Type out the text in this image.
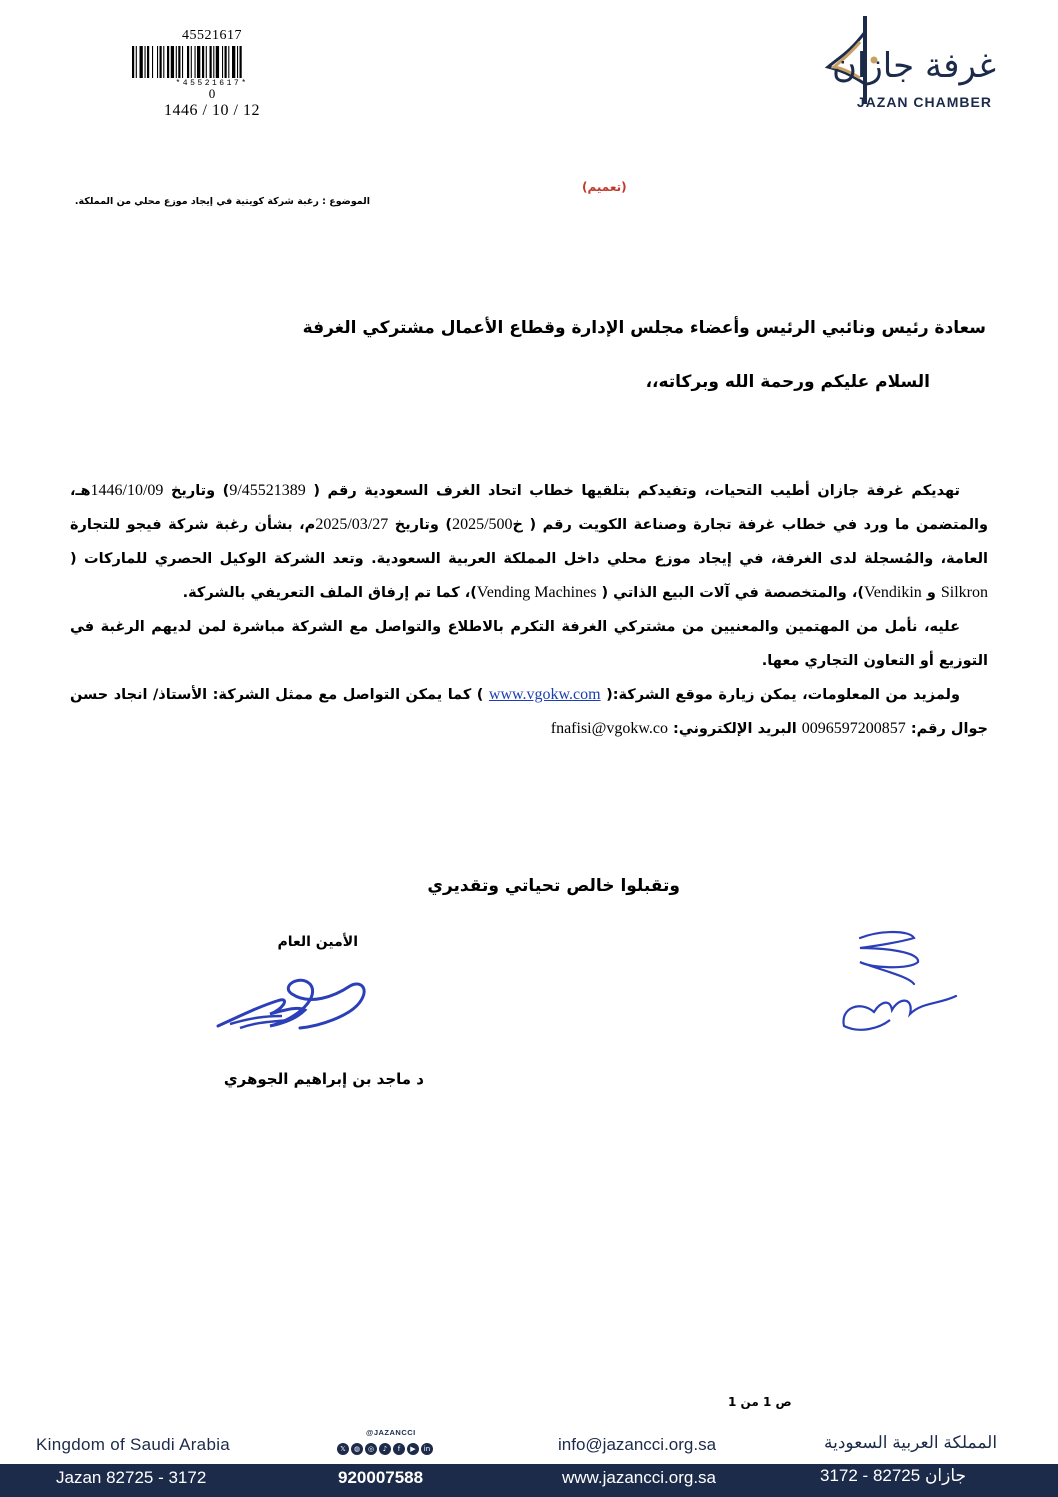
45521617
*45521617*
0
1446 / 10 / 12
غرفة جازان
JAZAN CHAMBER
(تعميم)
الموضوع : رغبة شركة كويتية في إيجاد موزع محلي من المملكة.
سعادة رئيس ونائبي الرئيس وأعضاء مجلس الإدارة وقطاع الأعمال مشتركي الغرفة
السلام عليكم ورحمة الله وبركاته،،

تهديكم غرفة جازان أطيب التحيات، وتفيدكم بتلقيها خطاب اتحاد الغرف السعودية رقم ( 9/45521389) وتاريخ 1446/10/09هـ، والمتضمن ما ورد في خطاب غرفة تجارة وصناعة الكويت رقم ( خ2025/500) وتاريخ 2025/03/27م، بشأن رغبة شركة فيجو للتجارة العامة، والمُسجلة لدى الغرفة، في إيجاد موزع محلي داخل المملكة العربية السعودية. وتعد الشركة الوكيل الحصري للماركات ( Silkron و Vendikin)، والمتخصصة في آلات البيع الذاتي ( Vending Machines)، كما تم إرفاق الملف التعريفي بالشركة.

عليه، نأمل من المهتمين والمعنيين من مشتركي الغرفة التكرم بالاطلاع والتواصل مع الشركة مباشرة لمن لديهم الرغبة في التوزيع أو التعاون التجاري معها.

ولمزيد من المعلومات، يمكن زيارة موقع الشركة:( www.vgokw.com ) كما يمكن التواصل مع ممثل الشركة: الأستاذ/ انجاد حسن جوال رقم: 0096597200857 البريد الإلكتروني: fnafisi@vgokw.co

وتقبلوا خالص تحياتي وتقديري
الأمين العام
د ماجد بن إبراهيم الجوهري
ص 1 من 1
Kingdom of Saudi Arabia
@JAZANCCI
𝕏	◍	◎	♪	f	▶	in	info@jazancci.org.sa	المملكة العربية السعودية
Jazan 82725 - 3172	920007588	www.jazancci.org.sa	جازان 82725 - 3172
